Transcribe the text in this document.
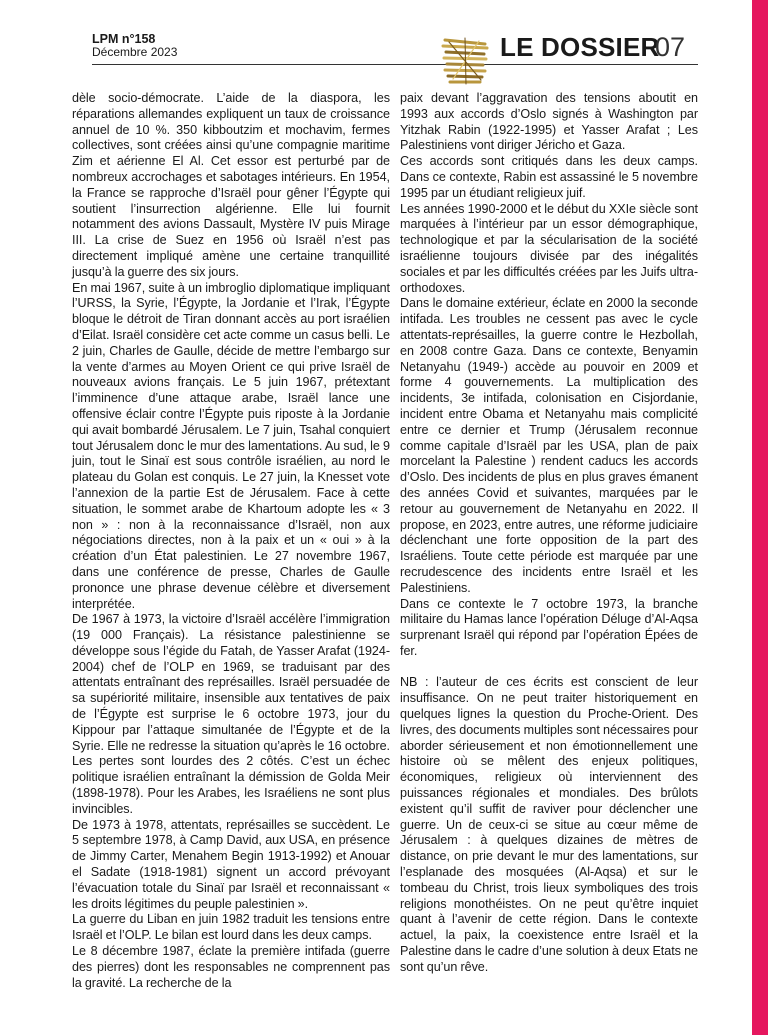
LPM n°158
Décembre 2023	LE DOSSIER
07

dèle socio-démocrate. L’aide de la diaspora, les réparations allemandes expliquent un taux de croissance annuel de 10 %. 350 kibboutzim et mochavim, fermes collectives, sont créées ainsi qu’une compagnie maritime Zim et aérienne El Al. Cet essor est perturbé par de nombreux accrochages et sabotages intérieurs. En 1954, la France se rapproche d’Israël pour gêner l’Égypte qui soutient l’insurrection algérienne. Elle lui fournit notamment des avions Dassault, Mystère IV puis Mirage III. La crise de Suez en 1956 où Israël n’est pas directement impliqué amène une certaine tranquillité jusqu’à la guerre des six jours.

En mai 1967, suite à un imbroglio diplomatique impliquant l’URSS, la Syrie, l’Égypte, la Jordanie et l’Irak, l’Égypte bloque le détroit de Tiran donnant accès au port israélien d’Eilat. Israël considère cet acte comme un casus belli. Le 2 juin, Charles de Gaulle, décide de mettre l’embargo sur la vente d’armes au Moyen Orient ce qui prive Israël de nouveaux avions français. Le 5 juin 1967, prétextant l’imminence d’une attaque arabe, Israël lance une offensive éclair contre l’Égypte puis riposte à la Jordanie qui avait bombardé Jérusalem. Le 7 juin, Tsahal conquiert tout Jérusalem donc le mur des lamentations. Au sud, le 9 juin, tout le Sinaï est sous contrôle israélien, au nord le plateau du Golan est conquis. Le 27 juin, la Knesset vote l’annexion de la partie Est de Jérusalem. Face à cette situation, le sommet arabe de Khartoum adopte les « 3 non » : non à la reconnaissance d’Israël, non aux négociations directes, non à la paix et un « oui » à la création d’un État palestinien. Le 27 novembre 1967, dans une conférence de presse, Charles de Gaulle prononce une phrase devenue célèbre et diversement interprétée.

De 1967 à 1973, la victoire d’Israël accélère l’immigration (19 000 Français). La résistance palestinienne se développe sous l’égide du Fatah, de Yasser Arafat (1924-2004) chef de l’OLP en 1969, se traduisant par des attentats entraînant des représailles. Israël persuadée de sa supériorité militaire, insensible aux tentatives de paix de l’Égypte est surprise le 6 octobre 1973, jour du Kippour par l’attaque simultanée de l’Égypte et de la Syrie. Elle ne redresse la situation qu’après le 16 octobre. Les pertes sont lourdes des 2 côtés. C’est un échec politique israélien entraînant la démission de Golda Meir (1898-1978). Pour les Arabes, les Israéliens ne sont plus invincibles.

De 1973 à 1978, attentats, représailles se succèdent. Le 5 septembre 1978, à Camp David, aux USA, en présence de Jimmy Carter, Menahem Begin 1913-1992) et Anouar el Sadate (1918-1981) signent un accord prévoyant l’évacuation totale du Sinaï par Israël et reconnaissant « les droits légitimes du peuple palestinien ».

La guerre du Liban en juin 1982 traduit les tensions entre Israël et l’OLP. Le bilan est lourd dans les deux camps.

Le 8 décembre 1987, éclate la première intifada (guerre des pierres) dont les responsables ne comprennent pas la gravité. La recherche de la

paix devant l’aggravation des tensions aboutit en 1993 aux accords d’Oslo signés à Washington par Yitzhak Rabin (1922-1995) et Yasser Arafat ; Les Palestiniens vont diriger Jéricho et Gaza.

Ces accords sont critiqués dans les deux camps. Dans ce contexte, Rabin est assassiné le 5 novembre 1995 par un étudiant religieux juif.

Les années 1990-2000 et le début du XXIe siècle sont marquées à l’intérieur par un essor démographique, technologique et par la sécularisation de la société israélienne toujours divisée par des inégalités sociales et par les difficultés créées par les Juifs ultra-orthodoxes.

Dans le domaine extérieur, éclate en 2000 la seconde intifada. Les troubles ne cessent pas avec le cycle attentats-représailles, la guerre contre le Hezbollah, en 2008 contre Gaza. Dans ce contexte, Benyamin Netanyahu (1949-) accède au pouvoir en 2009 et forme 4 gouvernements. La multiplication des incidents, 3e intifada, colonisation en Cisjordanie, incident entre Obama et Netanyahu mais complicité entre ce dernier et Trump (Jérusalem reconnue comme capitale d’Israël par les USA, plan de paix morcelant la Palestine ) rendent caducs les accords d’Oslo. Des incidents de plus en plus graves émanent des années Covid et suivantes, marquées par le retour au gouvernement de Netanyahu en 2022. Il propose, en 2023, entre autres, une réforme judiciaire déclenchant une forte opposition de la part des Israéliens. Toute cette période est marquée par une recrudescence des incidents entre Israël et les Palestiniens.

Dans ce contexte le 7 octobre 1973, la branche militaire du Hamas lance l’opération Déluge d’Al-Aqsa surprenant Israël qui répond par l’opération Épées de fer.

NB : l’auteur de ces écrits est conscient de leur insuffisance. On ne peut traiter historiquement en quelques lignes la question du Proche-Orient. Des livres, des documents multiples sont nécessaires pour aborder sérieusement et non émotionnellement une histoire où se mêlent des enjeux politiques, économiques, religieux où interviennent des puissances régionales et mondiales. Des brûlots existent qu’il suffit de raviver pour déclencher une guerre. Un de ceux-ci se situe au cœur même de Jérusalem : à quelques dizaines de mètres de distance, on prie devant le mur des lamentations, sur l’esplanade des mosquées (Al-Aqsa) et sur le tombeau du Christ, trois lieux symboliques des trois religions monothéistes. On ne peut qu’être inquiet quant à l’avenir de cette région. Dans le contexte actuel, la paix, la coexistence entre Israël et la Palestine dans le cadre d’une solution à deux Etats ne sont qu’un rêve.
